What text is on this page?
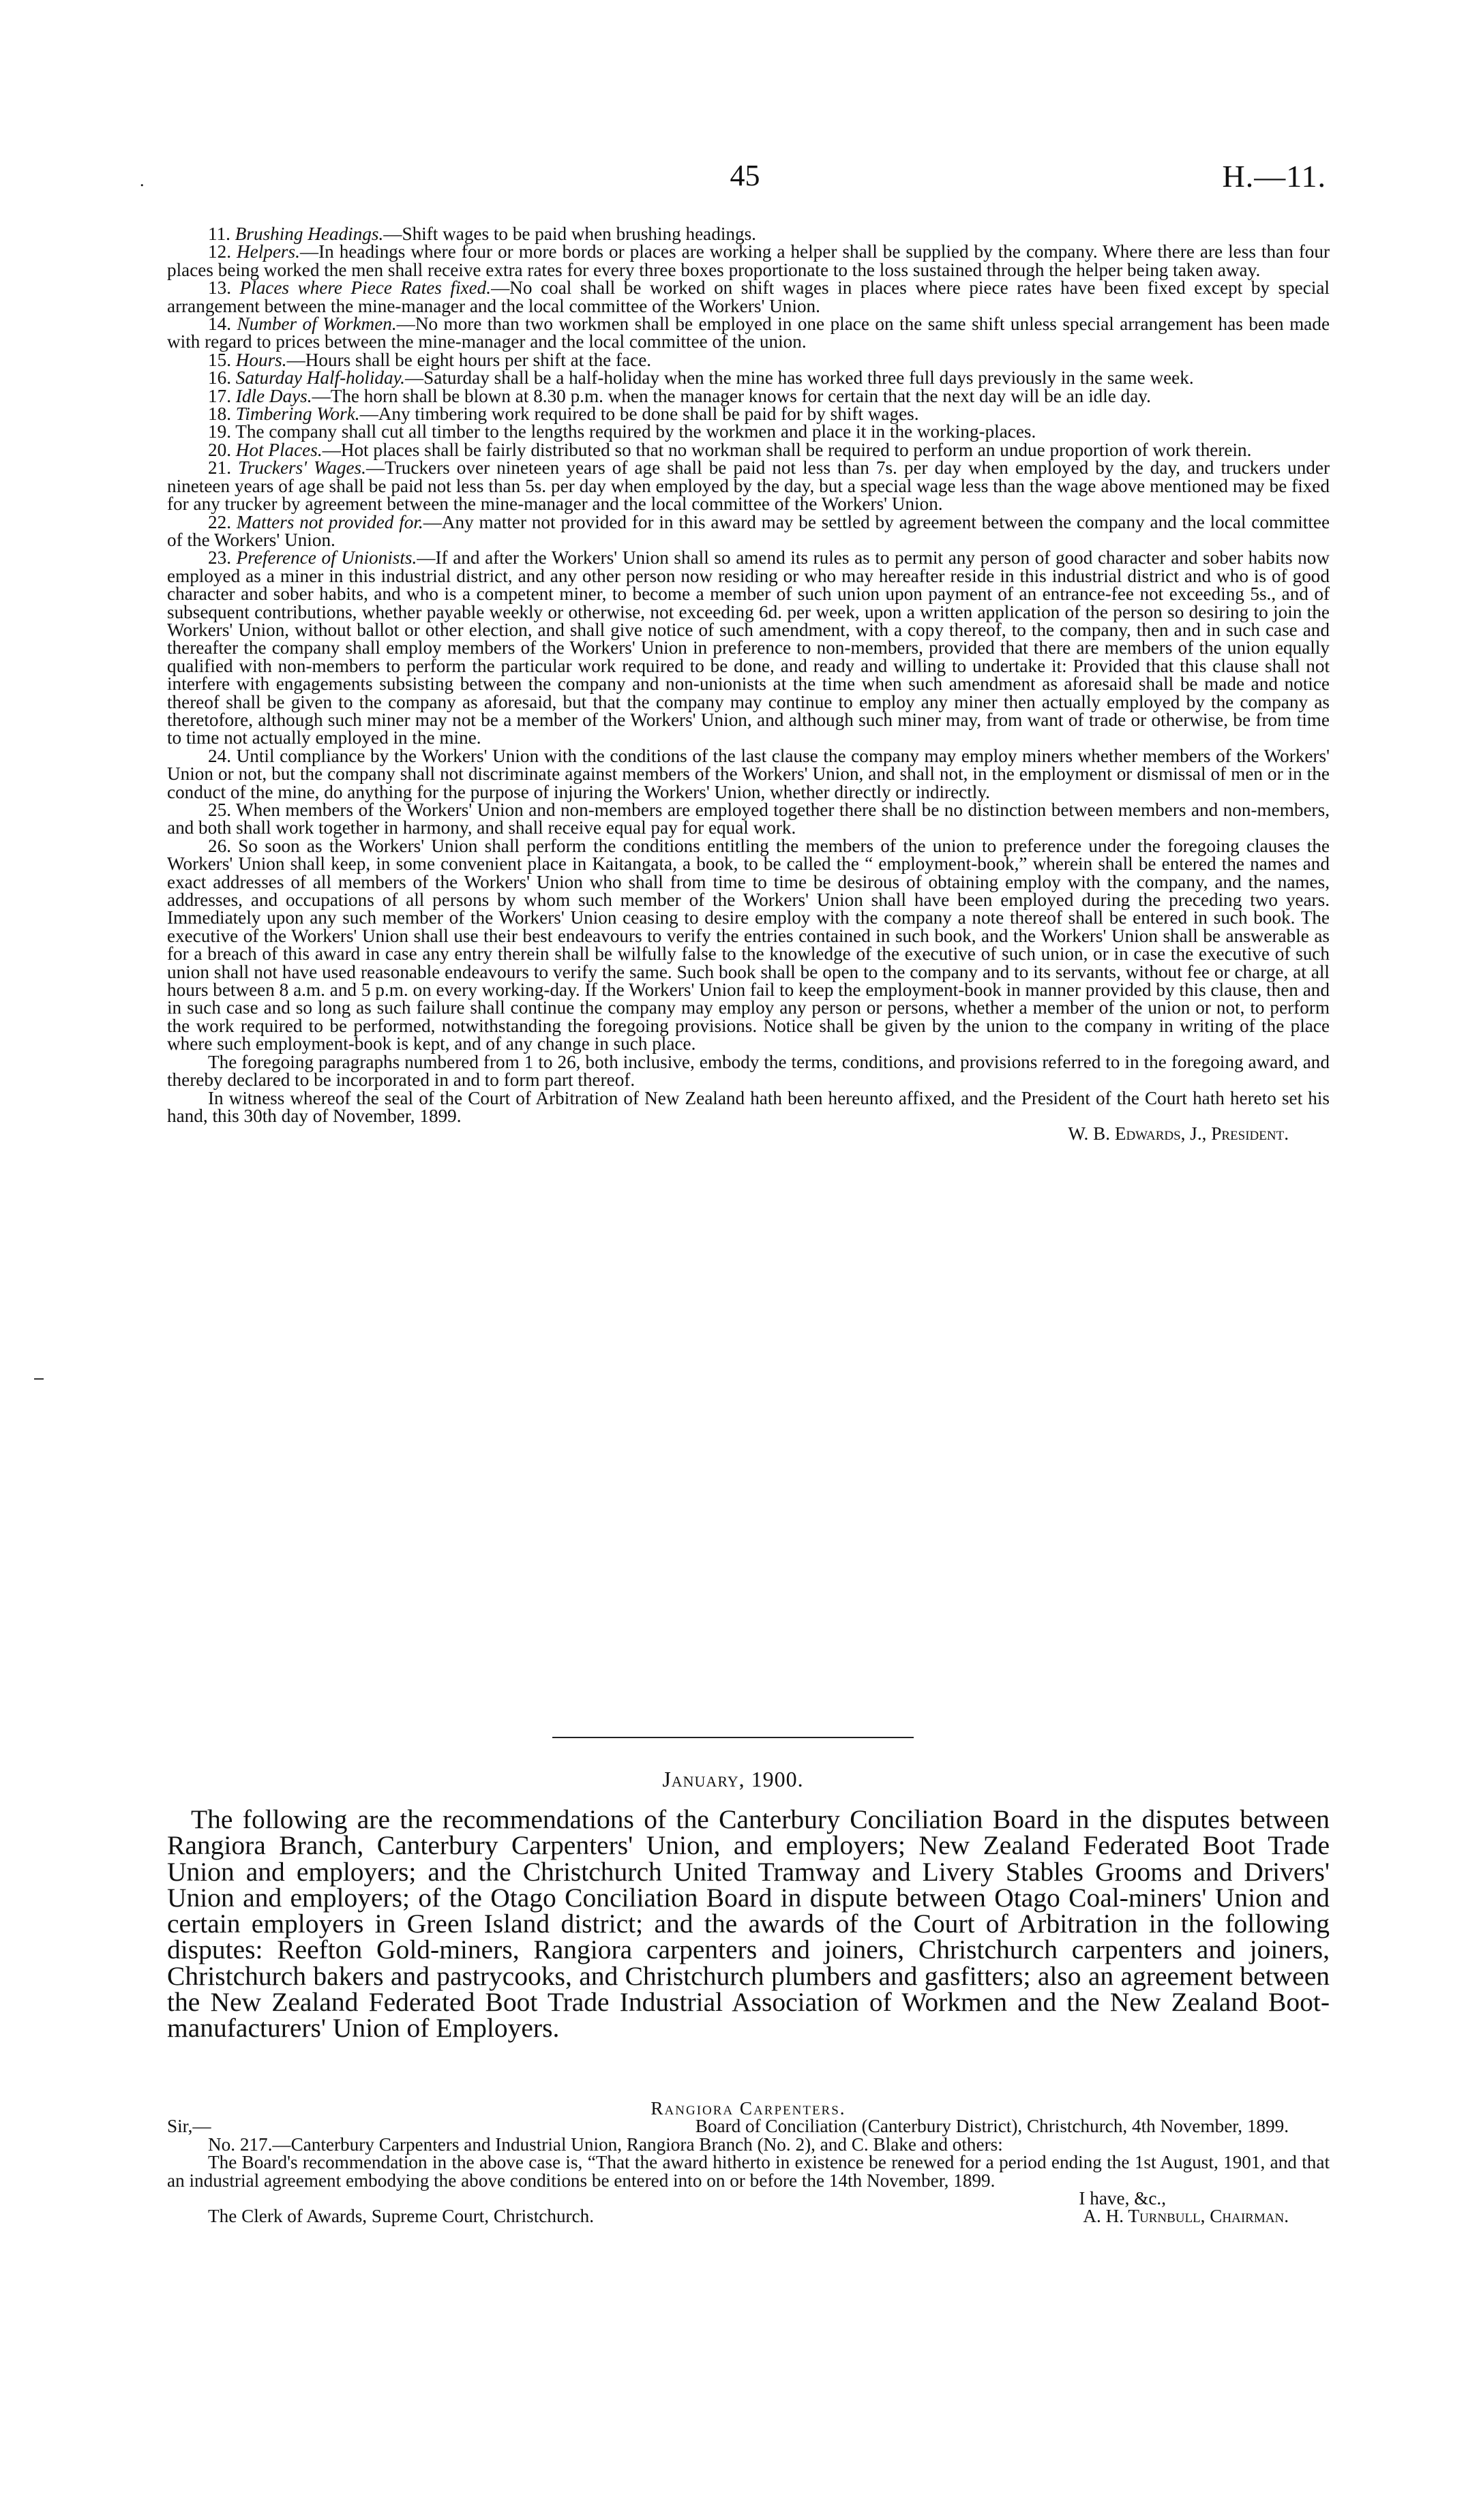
.	45	H.—11.

11. Brushing Headings.—Shift wages to be paid when brushing headings.

12. Helpers.—In headings where four or more bords or places are working a helper shall be supplied by the company. Where there are less than four places being worked the men shall receive extra rates for every three boxes proportionate to the loss sustained through the helper being taken away.

13. Places where Piece Rates fixed.—No coal shall be worked on shift wages in places where piece rates have been fixed except by special arrangement between the mine-manager and the local committee of the Workers' Union.

14. Number of Workmen.—No more than two workmen shall be employed in one place on the same shift unless special arrangement has been made with regard to prices between the mine-manager and the local committee of the union.

15. Hours.—Hours shall be eight hours per shift at the face.

16. Saturday Half-holiday.—Saturday shall be a half-holiday when the mine has worked three full days previously in the same week.

17. Idle Days.—The horn shall be blown at 8.30 p.m. when the manager knows for certain that the next day will be an idle day.

18. Timbering Work.—Any timbering work required to be done shall be paid for by shift wages.

19. The company shall cut all timber to the lengths required by the workmen and place it in the working-places.

20. Hot Places.—Hot places shall be fairly distributed so that no workman shall be required to perform an undue proportion of work therein.

21. Truckers' Wages.—Truckers over nineteen years of age shall be paid not less than 7s. per day when employed by the day, and truckers under nineteen years of age shall be paid not less than 5s. per day when employed by the day, but a special wage less than the wage above mentioned may be fixed for any trucker by agreement between the mine-manager and the local committee of the Workers' Union.

22. Matters not provided for.—Any matter not provided for in this award may be settled by agreement between the company and the local committee of the Workers' Union.

23. Preference of Unionists.—If and after the Workers' Union shall so amend its rules as to permit any person of good character and sober habits now employed as a miner in this industrial district, and any other person now residing or who may hereafter reside in this industrial district and who is of good character and sober habits, and who is a competent miner, to become a member of such union upon payment of an entrance-fee not exceeding 5s., and of subsequent contributions, whether payable weekly or otherwise, not exceeding 6d. per week, upon a written application of the person so desiring to join the Workers' Union, without ballot or other election, and shall give notice of such amendment, with a copy thereof, to the company, then and in such case and thereafter the company shall employ members of the Workers' Union in preference to non-members, provided that there are members of the union equally qualified with non-members to perform the particular work required to be done, and ready and willing to undertake it: Provided that this clause shall not interfere with engagements subsisting between the company and non-unionists at the time when such amendment as aforesaid shall be made and notice thereof shall be given to the company as aforesaid, but that the company may continue to employ any miner then actually employed by the company as theretofore, although such miner may not be a member of the Workers' Union, and although such miner may, from want of trade or otherwise, be from time to time not actually employed in the mine.

24. Until compliance by the Workers' Union with the conditions of the last clause the company may employ miners whether members of the Workers' Union or not, but the company shall not discriminate against members of the Workers' Union, and shall not, in the employment or dismissal of men or in the conduct of the mine, do anything for the purpose of injuring the Workers' Union, whether directly or indirectly.

25. When members of the Workers' Union and non-members are employed together there shall be no distinction between members and non-members, and both shall work together in harmony, and shall receive equal pay for equal work.

26. So soon as the Workers' Union shall perform the conditions entitling the members of the union to preference under the foregoing clauses the Workers' Union shall keep, in some convenient place in Kaitangata, a book, to be called the “ employment-book,” wherein shall be entered the names and exact addresses of all members of the Workers' Union who shall from time to time be desirous of obtaining employ with the company, and the names, addresses, and occupations of all persons by whom such member of the Workers' Union shall have been employed during the preceding two years. Immediately upon any such member of the Workers' Union ceasing to desire employ with the company a note thereof shall be entered in such book. The executive of the Workers' Union shall use their best endeavours to verify the entries contained in such book, and the Workers' Union shall be answerable as for a breach of this award in case any entry therein shall be wilfully false to the knowledge of the executive of such union, or in case the executive of such union shall not have used reasonable endeavours to verify the same. Such book shall be open to the company and to its servants, without fee or charge, at all hours between 8 a.m. and 5 p.m. on every working-day. If the Workers' Union fail to keep the employment-book in manner provided by this clause, then and in such case and so long as such failure shall continue the company may employ any person or persons, whether a member of the union or not, to perform the work required to be performed, notwithstanding the foregoing provisions. Notice shall be given by the union to the company in writing of the place where such employment-book is kept, and of any change in such place.

The foregoing paragraphs numbered from 1 to 26, both inclusive, embody the terms, conditions, and provisions referred to in the foregoing award, and thereby declared to be incorporated in and to form part thereof.

In witness whereof the seal of the Court of Arbitration of New Zealand hath been hereunto affixed, and the President of the Court hath hereto set his hand, this 30th day of November, 1899.

W. B. Edwards, J., President.

January, 1900.

The following are the recommendations of the Canterbury Conciliation Board in the disputes between Rangiora Branch, Canterbury Carpenters' Union, and employers; New Zealand Federated Boot Trade Union and employers; and the Christchurch United Tramway and Livery Stables Grooms and Drivers' Union and employers; of the Otago Conciliation Board in dispute between Otago Coal-miners' Union and certain employers in Green Island district; and the awards of the Court of Arbitration in the following disputes: Reefton Gold-miners, Rangiora carpenters and joiners, Christchurch carpenters and joiners, Christchurch bakers and pastrycooks, and Christchurch plumbers and gasfitters; also an agreement between the New Zealand Federated Boot Trade Industrial Association of Workmen and the New Zealand Boot-manufacturers' Union of Employers.

Rangiora Carpenters.

Sir,—	Board of Conciliation (Canterbury District), Christchurch, 4th November, 1899.

No. 217.—Canterbury Carpenters and Industrial Union, Rangiora Branch (No. 2), and C. Blake and others:

The Board's recommendation in the above case is, “That the award hitherto in existence be renewed for a period ending the 1st August, 1901, and that an industrial agreement embodying the above conditions be entered into on or before the 14th November, 1899.

I have, &c.,

The Clerk of Awards, Supreme Court, Christchurch.	A. H. Turnbull, Chairman.
